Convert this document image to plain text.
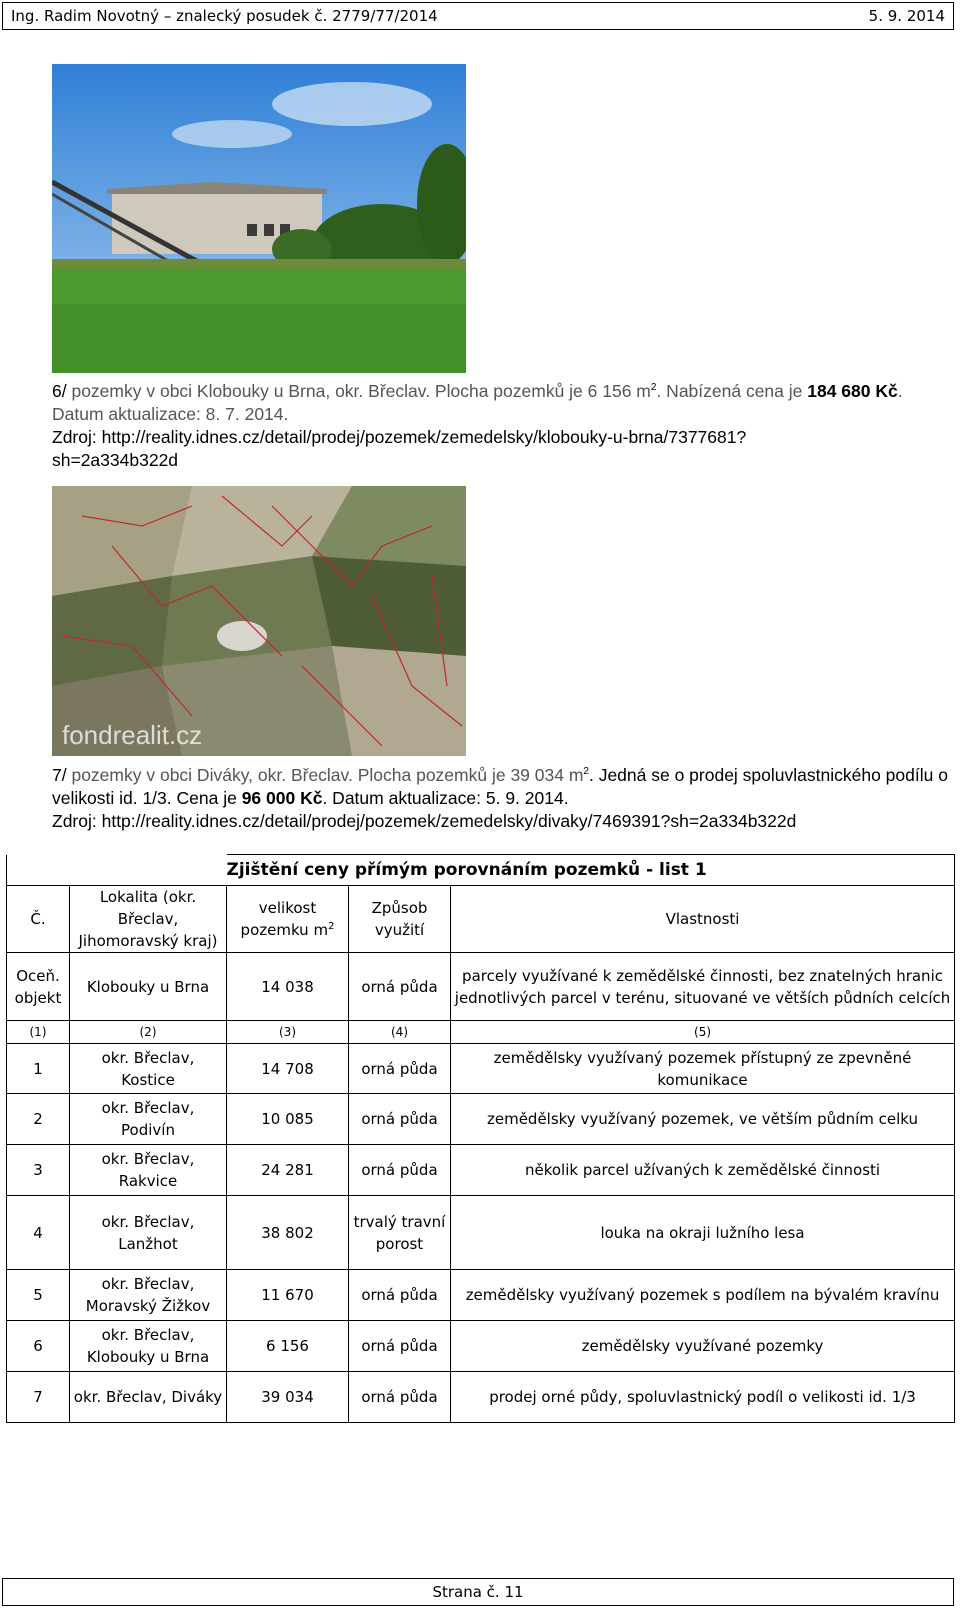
Ing. Radim Novotný – znalecký posudek č. 2779/77/2014	5. 9. 2014

6/ pozemky v obci Klobouky u Brna, okr. Břeclav. Plocha pozemků je 6 156 $m^2$. Nabízená cena je 184 680 Kč. Datum aktualizace: 8. 7. 2014.

Zdroj: http://reality.idnes.cz/detail/prodej/pozemek/zemedelsky/klobouky-u-brna/7377681?

sh=2a334b322d

fondrealit.cz

7/ pozemky v obci Diváky, okr. Břeclav. Plocha pozemků je 39 034 $m^2$. Jedná se o prodej spoluvlastnického podílu o velikosti id. 1/3. Cena je 96 000 Kč. Datum aktualizace: 5. 9. 2014.

Zdroj: http://reality.idnes.cz/detail/prodej/pozemek/zemedelsky/divaky/7469391?sh=2a334b322d

		Zjištění ceny přímým porovnáním pozemků - list 1		
Č.	Lokalita (okr. Břeclav, Jihomoravský kraj)	velikost pozemku $m^2$	Způsob využití	Vlastnosti
Oceň. objekt	Klobouky u Brna	14 038	orná půda	parcely využívané k zemědělské činnosti, bez znatelných hranic jednotlivých parcel v terénu, situované ve větších půdních celcích
(1)	(2)	(3)	(4)	(5)
1	okr. Břeclav, Kostice	14 708	orná půda	zemědělsky využívaný pozemek přístupný ze zpevněné komunikace
2	okr. Břeclav, Podivín	10 085	orná půda	zemědělsky využívaný pozemek, ve větším půdním celku
3	okr. Břeclav, Rakvice	24 281	orná půda	několik parcel užívaných k zemědělské činnosti
4	okr. Břeclav, Lanžhot	38 802	trvalý travní porost	louka na okraji lužního lesa
5	okr. Břeclav, Moravský Žižkov	11 670	orná půda	zemědělsky využívaný pozemek s podílem na bývalém kravínu
6	okr. Břeclav, Klobouky u Brna	6 156	orná půda	zemědělsky využívané pozemky
7	okr. Břeclav, Diváky	39 034	orná půda	prodej orné půdy, spoluvlastnický podíl o velikosti id. 1/3
Strana č. 11
